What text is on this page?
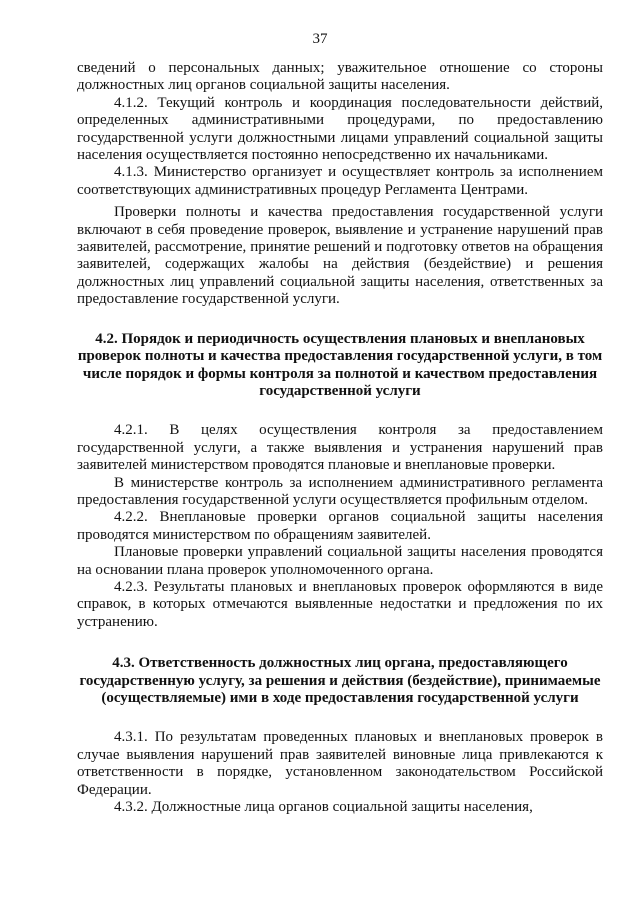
37

сведений о персональных данных; уважительное отношение со стороны должностных лиц органов социальной защиты населения.

4.1.2. Текущий контроль и координация последовательности действий, определенных административными процедурами, по предоставлению государственной услуги должностными лицами управлений социальной защиты населения осуществляется постоянно непосредственно их начальниками.

4.1.3. Министерство организует и осуществляет контроль за исполнением соответствующих административных процедур Регламента Центрами.

Проверки полноты и качества предоставления государственной услуги включают в себя проведение проверок, выявление и устранение нарушений прав заявителей, рассмотрение, принятие решений и подготовку ответов на обращения заявителей, содержащих жалобы на действия (бездействие) и решения должностных лиц управлений социальной защиты населения, ответственных за предоставление государственной услуги.

4.2. Порядок и периодичность осуществления плановых и внеплановых проверок полноты и качества предоставления государственной услуги, в том числе порядок и формы контроля за полнотой и качеством предоставления государственной услуги

4.2.1. В целях осуществления контроля за предоставлением государственной услуги, а также выявления и устранения нарушений прав заявителей министерством проводятся плановые и внеплановые проверки.

В министерстве контроль за исполнением административного регламента предоставления государственной услуги осуществляется профильным отделом.

4.2.2. Внеплановые проверки органов социальной защиты населения проводятся министерством по обращениям заявителей.

Плановые проверки управлений социальной защиты населения проводятся на основании плана проверок уполномоченного органа.

4.2.3. Результаты плановых и внеплановых проверок оформляются в виде справок, в которых отмечаются выявленные недостатки и предложения по их устранению.

4.3. Ответственность должностных лиц органа, предоставляющего государственную услугу, за решения и действия (бездействие), принимаемые (осуществляемые) ими в ходе предоставления государственной услуги

4.3.1. По результатам проведенных плановых и внеплановых проверок в случае выявления нарушений прав заявителей виновные лица привлекаются к ответственности в порядке, установленном законодательством Российской Федерации.

4.3.2. Должностные лица органов социальной защиты населения,
